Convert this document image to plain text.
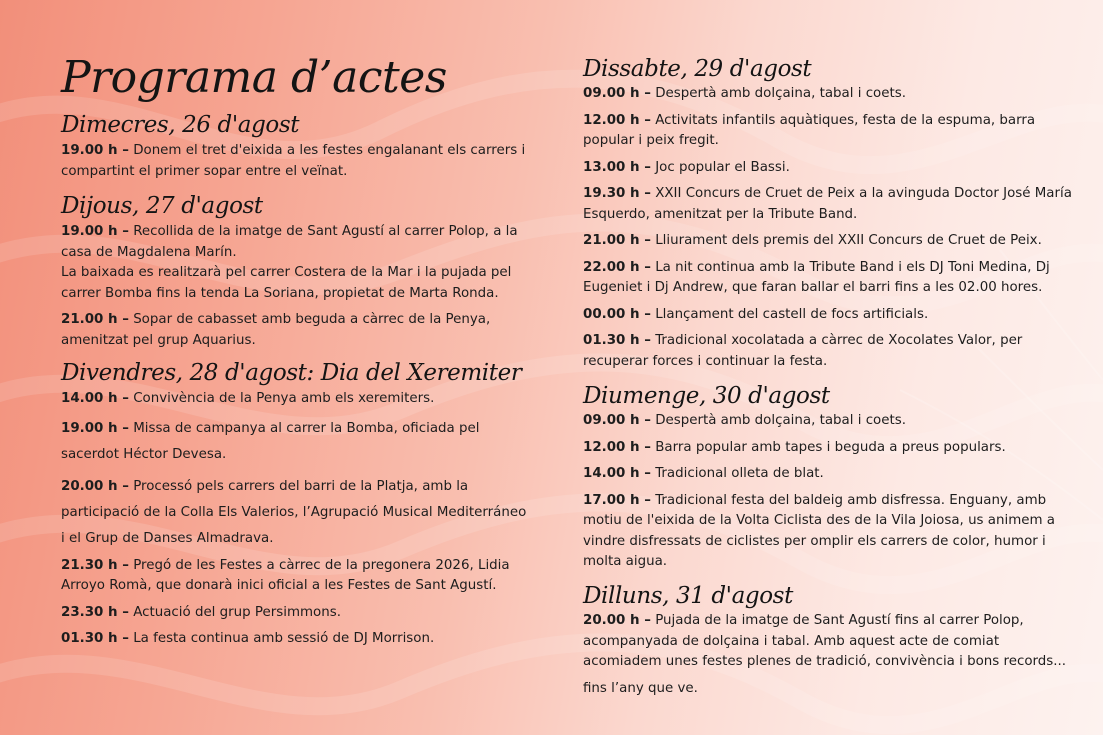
Programa d’actes
Dimecres, 26 d'agost

19.00 h – Donem el tret d'eixida a les festes engalanant els carrers i compartint el primer sopar entre el veïnat.

Dijous, 27 d'agost

19.00 h – Recollida de la imatge de Sant Agustí al carrer Polop, a la casa de Magdalena Marín.

La baixada es realitzarà pel carrer Costera de la Mar i la pujada pel carrer Bomba fins la tenda La Soriana, propietat de Marta Ronda.

21.00 h – Sopar de cabasset amb beguda a càrrec de la Penya, amenitzat pel grup Aquarius.

Divendres, 28 d'agost: Dia del Xeremiter

14.00 h – Convivència de la Penya amb els xeremiters.

19.00 h – Missa de campanya al carrer la Bomba, oficiada pel sacerdot Héctor Devesa.

20.00 h – Processó pels carrers del barri de la Platja, amb la participació de la Colla Els Valerios, l’Agrupació Musical Mediterráneo i el Grup de Danses Almadrava.

21.30 h – Pregó de les Festes a càrrec de la pregonera 2026, Lidia Arroyo Romà, que donarà inici oficial a les Festes de Sant Agustí.

23.30 h – Actuació del grup Persimmons.

01.30 h – La festa continua amb sessió de DJ Morrison.

Dissabte, 29 d'agost

09.00 h – Despertà amb dolçaina, tabal i coets.

12.00 h – Activitats infantils aquàtiques, festa de la espuma, barra popular i peix fregit.

13.00 h – Joc popular el Bassi.

19.30 h – XXII Concurs de Cruet de Peix a la avinguda Doctor José María Esquerdo, amenitzat per la Tribute Band.

21.00 h – Lliurament dels premis del XXII Concurs de Cruet de Peix.

22.00 h – La nit continua amb la Tribute Band i els DJ Toni Medina, Dj Eugeniet i Dj Andrew, que faran ballar el barri fins a les 02.00 hores.

00.00 h – Llançament del castell de focs artificials.

01.30 h – Tradicional xocolatada a càrrec de Xocolates Valor, per recuperar forces i continuar la festa.

Diumenge, 30 d'agost

09.00 h – Despertà amb dolçaina, tabal i coets.

12.00 h – Barra popular amb tapes i beguda a preus populars.

14.00 h – Tradicional olleta de blat.

17.00 h – Tradicional festa del baldeig amb disfressa. Enguany, amb motiu de l'eixida de la Volta Ciclista des de la Vila Joiosa, us animem a vindre disfressats de ciclistes per omplir els carrers de color, humor i molta aigua.

Dilluns, 31 d'agost

20.00 h – Pujada de la imatge de Sant Agustí fins al carrer Polop, acompanyada de dolçaina i tabal. Amb aquest acte de comiat acomiadem unes festes plenes de tradició, convivència i bons records...

fins l’any que ve.
